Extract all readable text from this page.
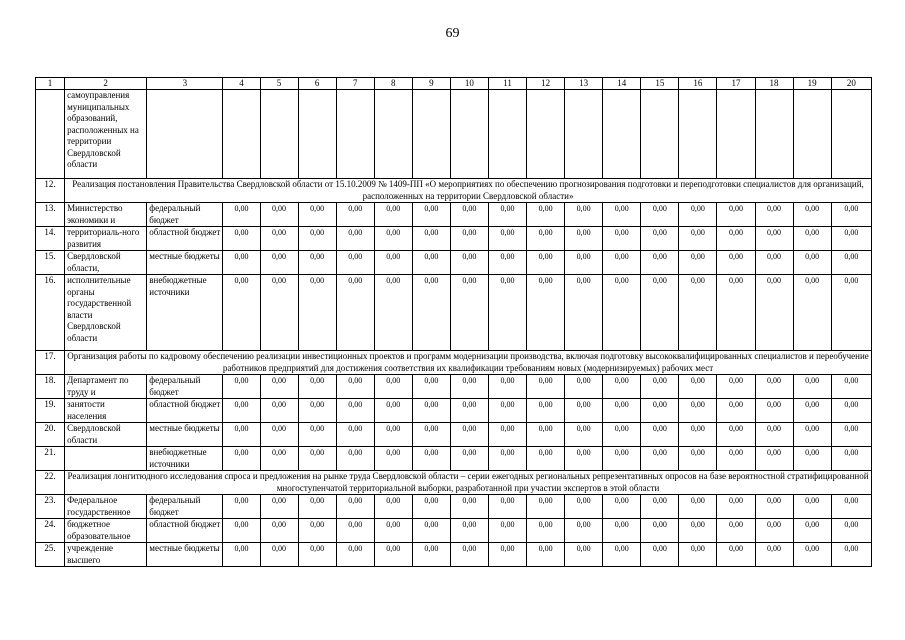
69
1	2	3	4	5	6	7	8	9	10	11	12	13	14	15	16	17	18	19	20
	самоуправления муниципальных образований, расположенных на территории Свердловской области																		
12.	Реализация постановления Правительства Свердловской области от 15.10.2009 № 1409-ПП «О мероприятиях по обеспечению прогнозирования подготовки и переподготовки специалистов для организаций, расположенных на территории Свердловской области»																		
13.	Министерство экономики и	федеральный бюджет	0,00	0,00	0,00	0,00	0,00	0,00	0,00	0,00	0,00	0,00	0,00	0,00	0,00	0,00	0,00	0,00	0,00
14.	территориаль-ного развития	областной бюджет	0,00	0,00	0,00	0,00	0,00	0,00	0,00	0,00	0,00	0,00	0,00	0,00	0,00	0,00	0,00	0,00	0,00
15.	Свердловской области,	местные бюджеты	0,00	0,00	0,00	0,00	0,00	0,00	0,00	0,00	0,00	0,00	0,00	0,00	0,00	0,00	0,00	0,00	0,00
16.	исполнительные органы государственной власти Свердловской области	внебюджетные источники	0,00	0,00	0,00	0,00	0,00	0,00	0,00	0,00	0,00	0,00	0,00	0,00	0,00	0,00	0,00	0,00	0,00
17.	Организация работы по кадровому обеспечению реализации инвестиционных проектов и программ модернизации производства, включая подготовку высококвалифицированных специалистов и переобучение работников предприятий для достижения соответствия их квалификации требованиям новых (модернизируемых) рабочих мест																		
18.	Департамент по труду и	федеральный бюджет	0,00	0,00	0,00	0,00	0,00	0,00	0,00	0,00	0,00	0,00	0,00	0,00	0,00	0,00	0,00	0,00	0,00
19.	занятости населения	областной бюджет	0,00	0,00	0,00	0,00	0,00	0,00	0,00	0,00	0,00	0,00	0,00	0,00	0,00	0,00	0,00	0,00	0,00
20.	Свердловской области	местные бюджеты	0,00	0,00	0,00	0,00	0,00	0,00	0,00	0,00	0,00	0,00	0,00	0,00	0,00	0,00	0,00	0,00	0,00
21.		внебюджетные источники	0,00	0,00	0,00	0,00	0,00	0,00	0,00	0,00	0,00	0,00	0,00	0,00	0,00	0,00	0,00	0,00	0,00
22.	Реализация лонгитюдного исследования спроса и предложения на рынке труда Свердловской области – серии ежегодных региональных репрезентативных опросов на базе вероятностной стратифицированной многоступенчатой территориальной выборки, разработанной при участии экспертов в этой области																		
23.	Федеральное государственное	федеральный бюджет	0,00	0,00	0,00	0,00	0,00	0,00	0,00	0,00	0,00	0,00	0,00	0,00	0,00	0,00	0,00	0,00	0,00
24.	бюджетное образовательное	областной бюджет	0,00	0,00	0,00	0,00	0,00	0,00	0,00	0,00	0,00	0,00	0,00	0,00	0,00	0,00	0,00	0,00	0,00
25.	учреждение высшего	местные бюджеты	0,00	0,00	0,00	0,00	0,00	0,00	0,00	0,00	0,00	0,00	0,00	0,00	0,00	0,00	0,00	0,00	0,00
